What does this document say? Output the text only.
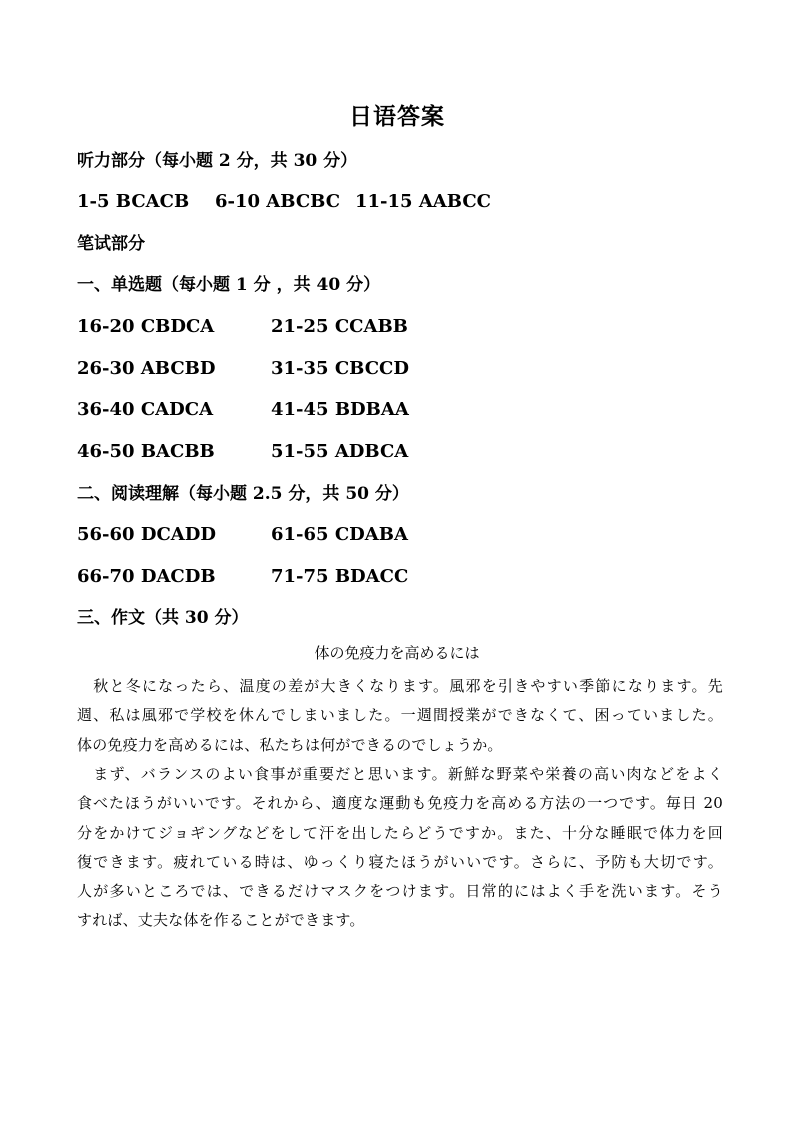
日语答案
听力部分（每小题 2 分，共 30 分）
1-5 BCACB 6-10 ABCBC 11-15 AABCC
笔试部分
一、单选题（每小题 1 分 ，共 40 分）
16-20 CBDCA	21-25 CCABB
26-30 ABCBD	31-35 CBCCD
36-40 CADCA	41-45 BDBAA
46-50 BACBB	51-55 ADBCA
二、阅读理解（每小题 2.5 分，共 50 分）
56-60 DCADD	61-65 CDABA
66-70 DACDB	71-75 BDACC
三、作文（共 30 分）
体の免疫力を高めるには
　秋と冬になったら、温度の差が大きくなります。風邪を引きやすい季節になります。先
週、私は風邪で学校を休んでしまいました。一週間授業ができなくて、困っていました。
体の免疫力を高めるには、私たちは何ができるのでしょうか。
　まず、バランスのよい食事が重要だと思います。新鮮な野菜や栄養の高い肉などをよく
食べたほうがいいです。それから、適度な運動も免疫力を高める方法の一つです。毎日 20
分をかけてジョギングなどをして汗を出したらどうですか。また、十分な睡眠で体力を回
復できます。疲れている時は、ゆっくり寝たほうがいいです。さらに、予防も大切です。
人が多いところでは、できるだけマスクをつけます。日常的にはよく手を洗います。そう
すれば、丈夫な体を作ることができます。
